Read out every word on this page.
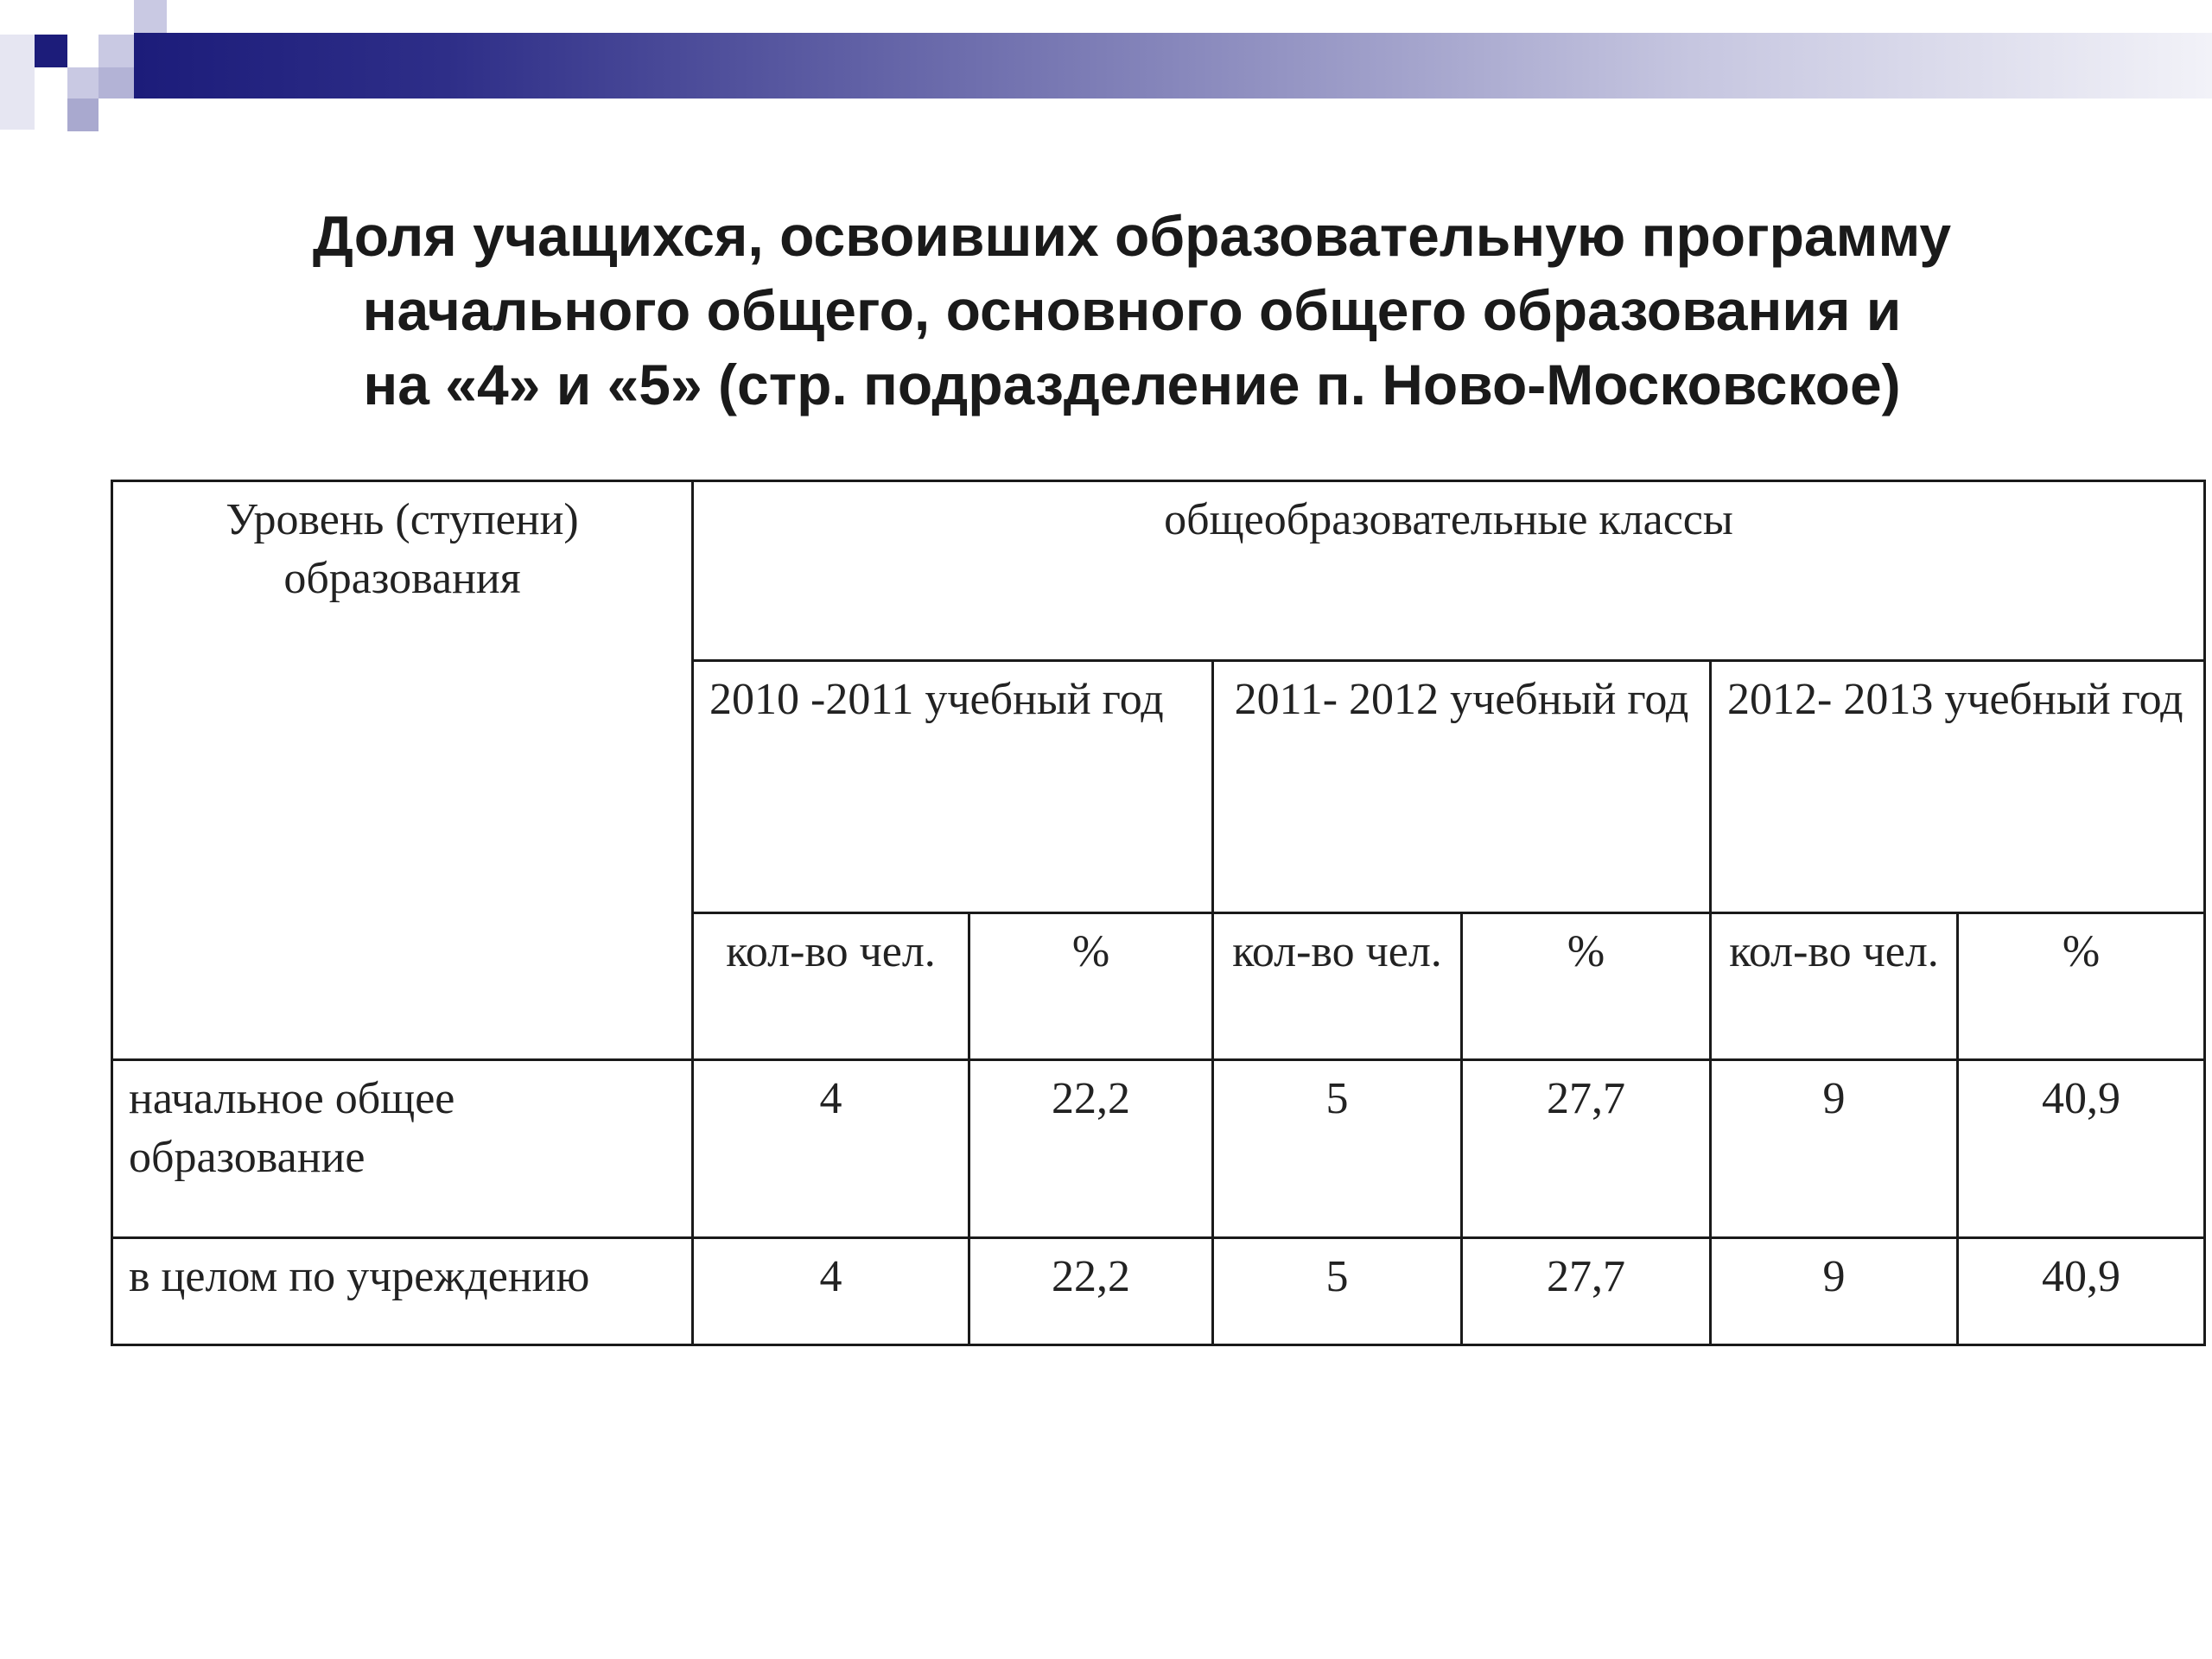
Доля учащихся, освоивших образовательную программу
начального общего, основного общего образования и
на «4» и «5» (стр. подразделение п. Ново-Московское)
Уровень (ступени) образования	общеобразовательные классы					
	2010 -2011 учебный год		2011- 2012 учебный год		2012- 2013 учебный год	
	кол-во чел.	%	кол-во чел.	%	кол-во чел.	%
начальное общее образование	4	22,2	5	27,7	9	40,9
в целом по учреждению	4	22,2	5	27,7	9	40,9
